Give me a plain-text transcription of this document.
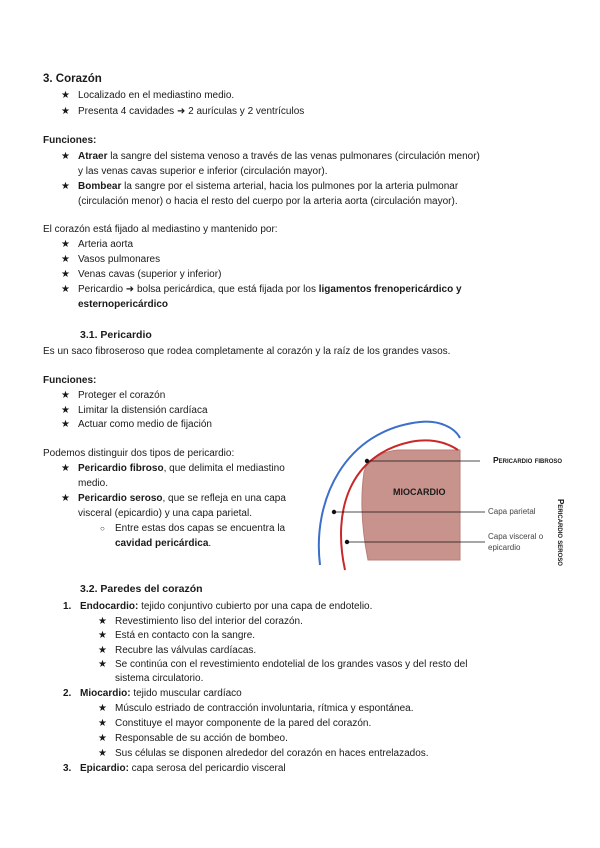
3. Corazón
★ Localizado en el mediastino medio.
★ Presenta 4 cavidades ➜ 2 aurículas y 2 ventrículos
Funciones:
★ Atraer la sangre del sistema venoso a través de las venas pulmonares (circulación menor)
y las venas cavas superior e inferior (circulación mayor).
★ Bombear la sangre por el sistema arterial, hacia los pulmones por la arteria pulmonar
(circulación menor) o hacia el resto del cuerpo por la arteria aorta (circulación mayor).
El corazón está fijado al mediastino y mantenido por:
★ Arteria aorta
★ Vasos pulmonares
★ Venas cavas (superior y inferior)
★ Pericardio ➜ bolsa pericárdica, que está fijada por los ligamentos frenopericárdico y
esternopericárdico
3.1. Pericardio
Es un saco fibroseroso que rodea completamente al corazón y la raíz de los grandes vasos.
Funciones:
★ Proteger el corazón
★ Limitar la distensión cardíaca
★ Actuar como medio de fijación
Podemos distinguir dos tipos de pericardio:
★ Pericardio fibroso, que delimita el mediastino
medio.
★ Pericardio seroso, que se refleja en una capa
visceral (epicardio) y una capa parietal.
○ Entre estas dos capas se encuentra la
cavidad pericárdica.
Pericardio fibroso
MIOCARDIO
Capa parietal
Capa visceral o
epicardio	Pericardio seroso
3.2. Paredes del corazón
1. Endocardio: tejido conjuntivo cubierto por una capa de endotelio.
★ Revestimiento liso del interior del corazón.
★ Está en contacto con la sangre.
★ Recubre las válvulas cardíacas.
★ Se continúa con el revestimiento endotelial de los grandes vasos y del resto del
sistema circulatorio.
2. Miocardio: tejido muscular cardíaco
★ Músculo estriado de contracción involuntaria, rítmica y espontánea.
★ Constituye el mayor componente de la pared del corazón.
★ Responsable de su acción de bombeo.
★ Sus células se disponen alrededor del corazón en haces entrelazados.
3. Epicardio: capa serosa del pericardio visceral
